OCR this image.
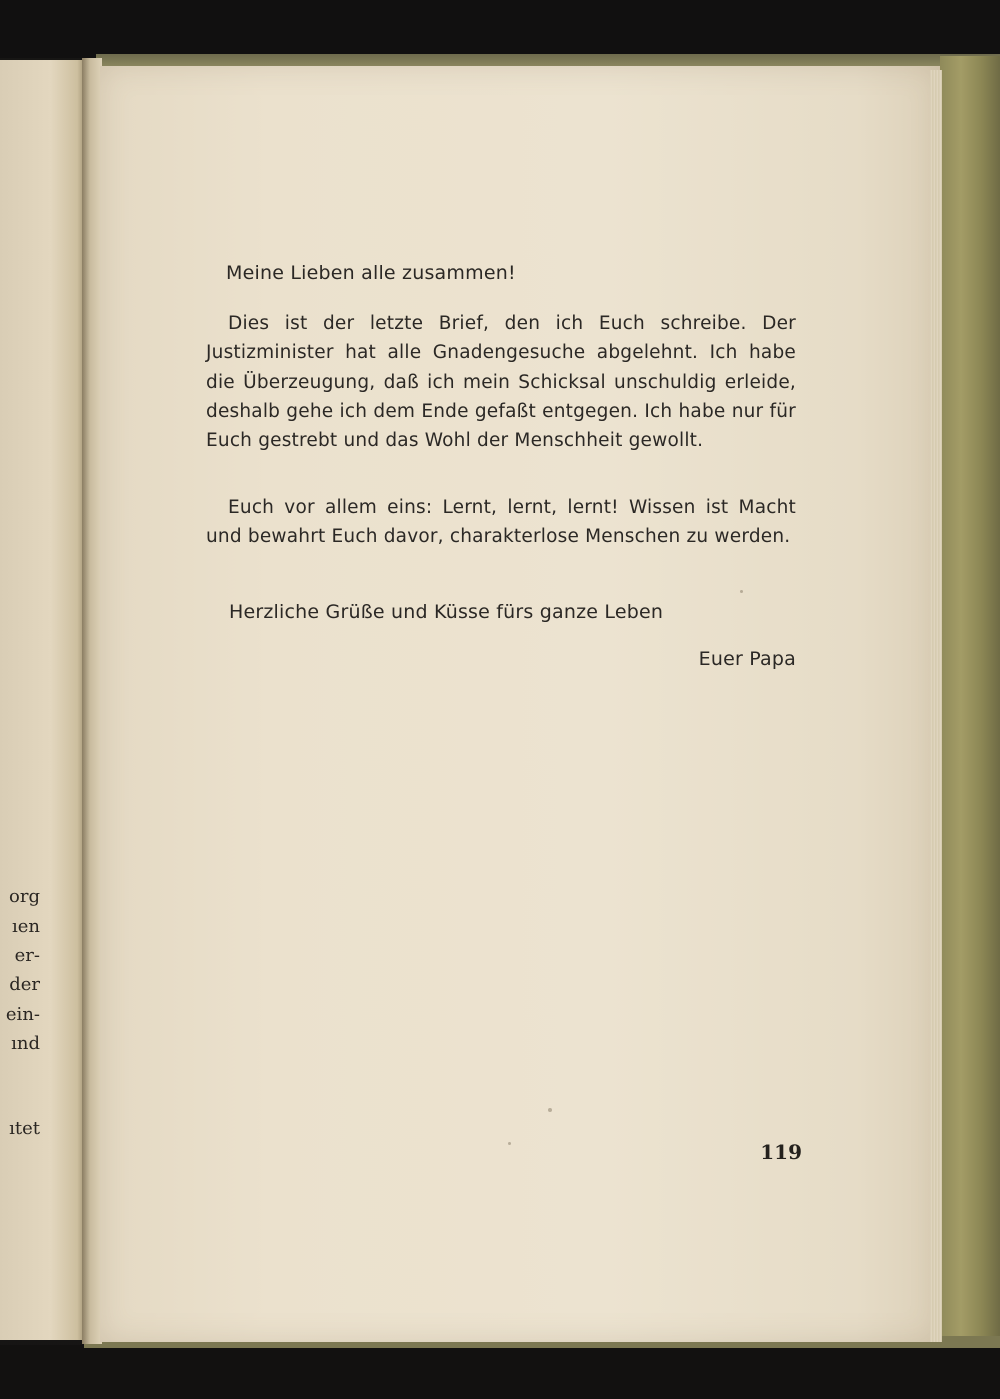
org
ıen
er-
der
ein-
ınd
ıtet
Meine Lieben alle zusammen!

Dies ist der letzte Brief, den ich Euch schreibe. Der Justizminister hat alle Gnadengesuche abgelehnt. Ich habe die Überzeugung, daß ich mein Schicksal unschuldig erleide, deshalb gehe ich dem Ende gefaßt entgegen. Ich habe nur für Euch gestrebt und das Wohl der Menschheit gewollt.

Euch vor allem eins: Lernt, lernt, lernt! Wissen ist Macht und bewahrt Euch davor, charakterlose Menschen zu werden.

Herzliche Grüße und Küsse fürs ganze Leben
Euer Papa
119
